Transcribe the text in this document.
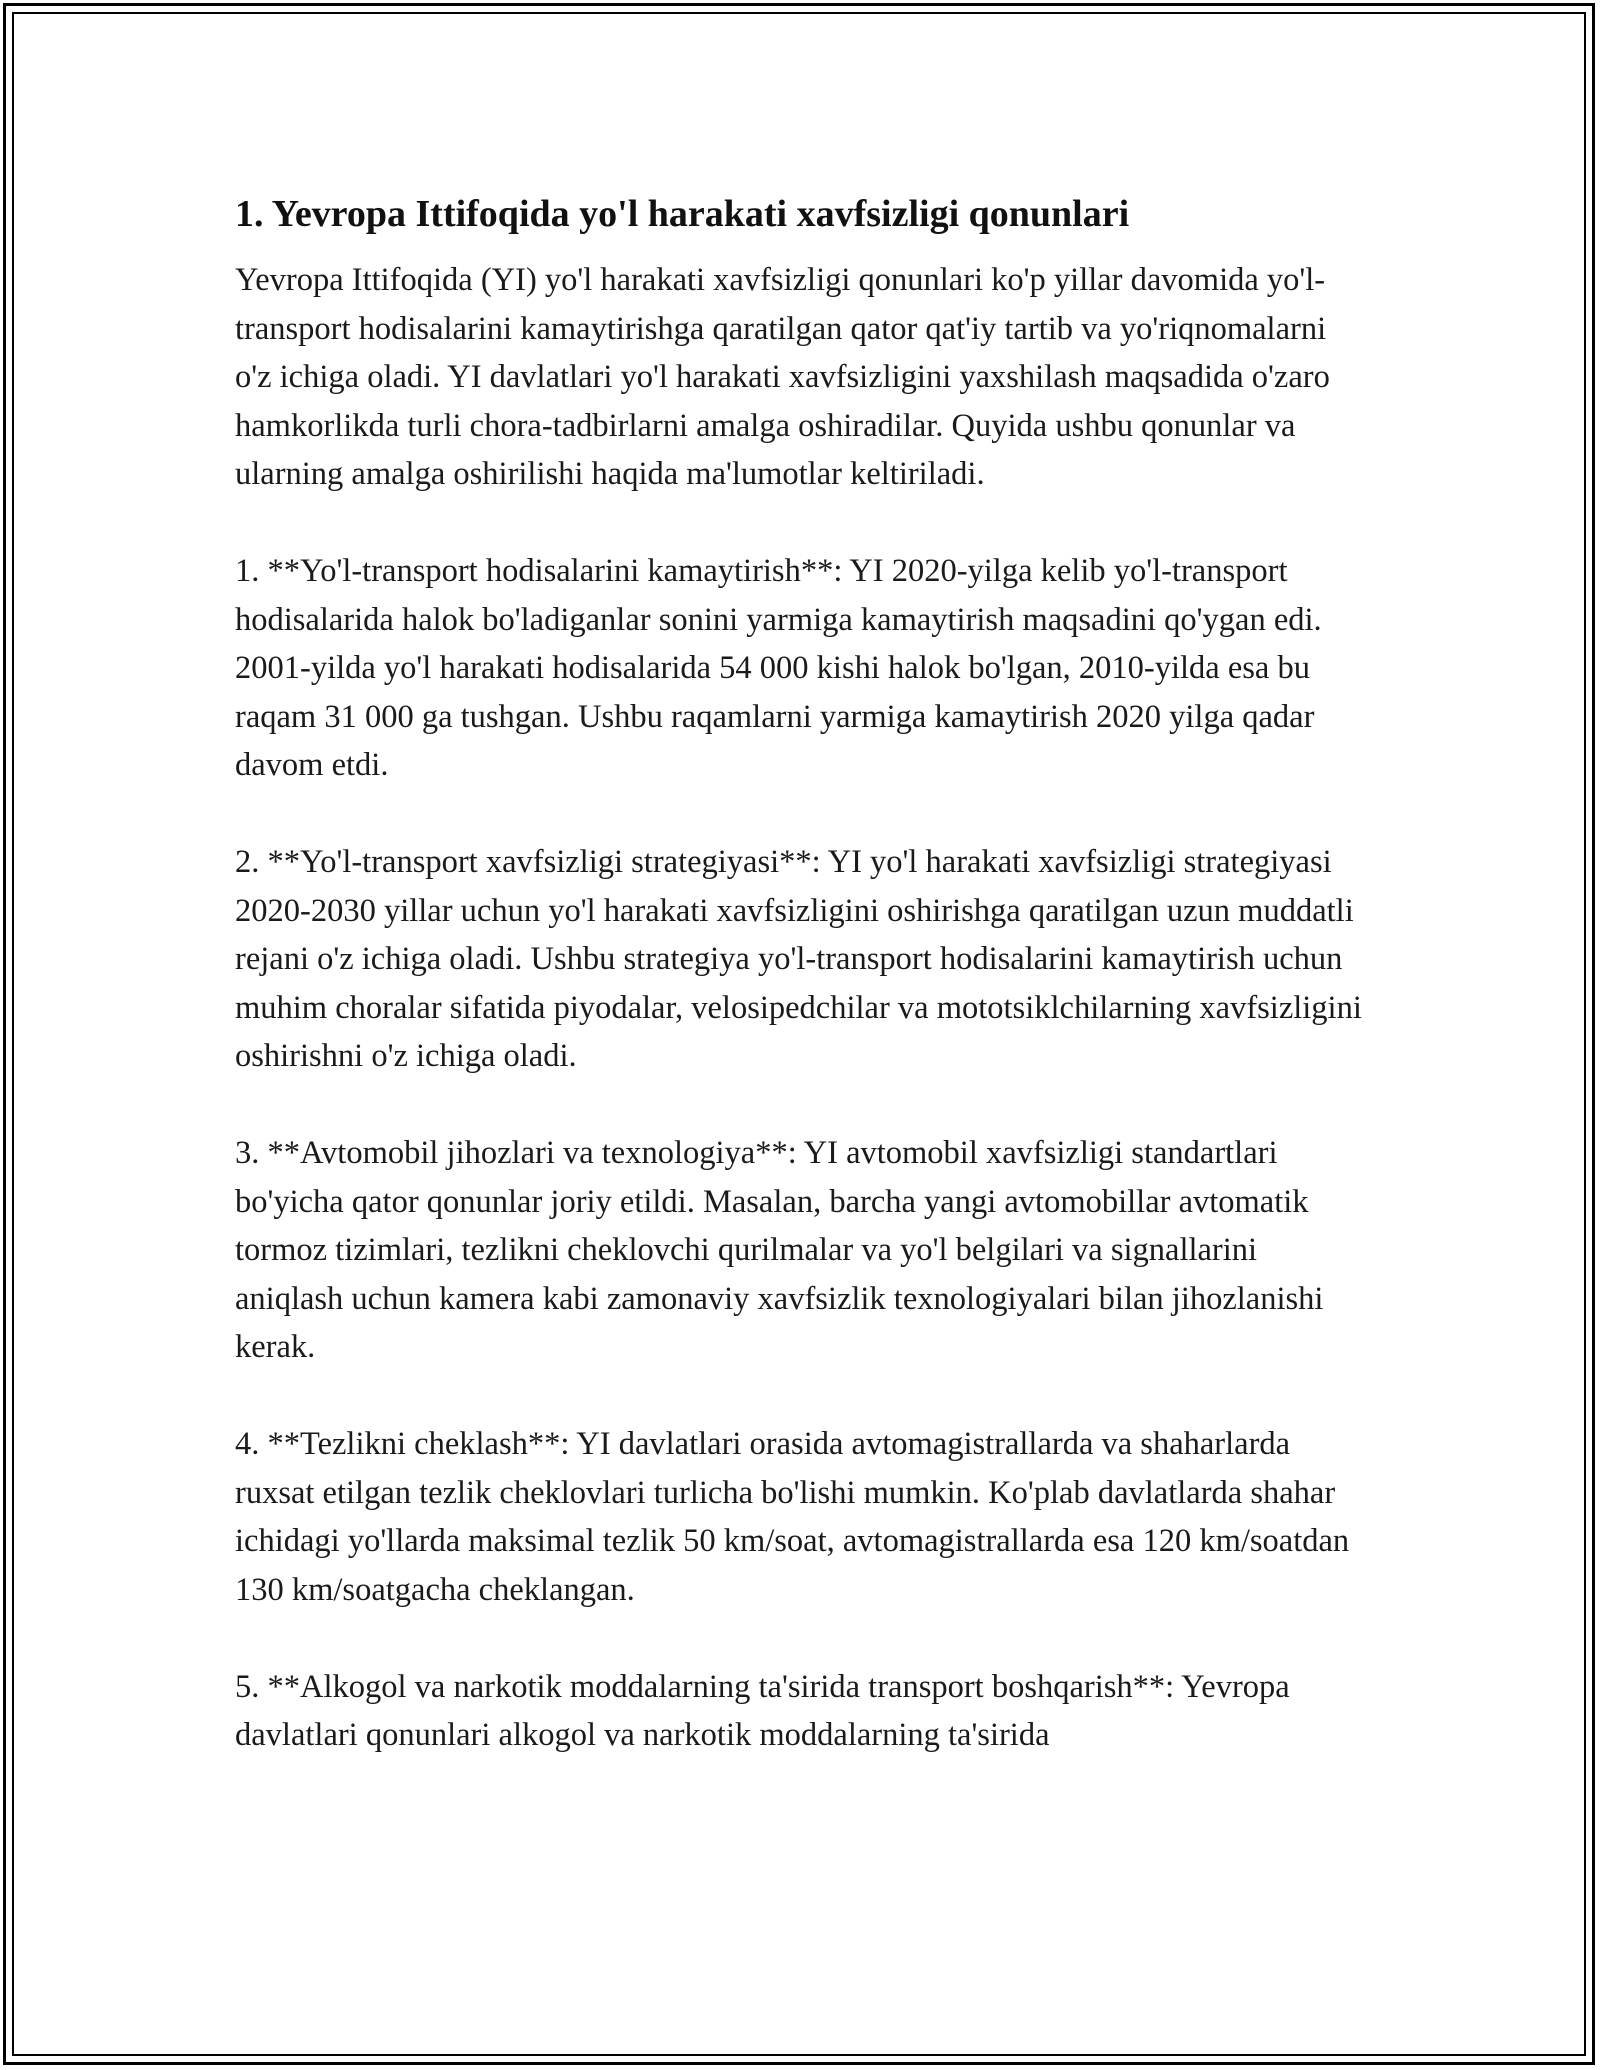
1. Yevropa Ittifoqida yo'l harakati xavfsizligi qonunlari

Yevropa Ittifoqida (YI) yo'l harakati xavfsizligi qonunlari ko'p yillar davomida yo'l-transport hodisalarini kamaytirishga qaratilgan qator qat'iy tartib va yo'riqnomalarni o'z ichiga oladi. YI davlatlari yo'l harakati xavfsizligini yaxshilash maqsadida o'zaro hamkorlikda turli chora-tadbirlarni amalga oshiradilar. Quyida ushbu qonunlar va ularning amalga oshirilishi haqida ma'lumotlar keltiriladi.

1. **Yo'l-transport hodisalarini kamaytirish**: YI 2020-yilga kelib yo'l-transport hodisalarida halok bo'ladiganlar sonini yarmiga kamaytirish maqsadini qo'ygan edi. 2001-yilda yo'l harakati hodisalarida 54 000 kishi halok bo'lgan, 2010-yilda esa bu raqam 31 000 ga tushgan. Ushbu raqamlarni yarmiga kamaytirish 2020 yilga qadar davom etdi.

2. **Yo'l-transport xavfsizligi strategiyasi**: YI yo'l harakati xavfsizligi strategiyasi 2020-2030 yillar uchun yo'l harakati xavfsizligini oshirishga qaratilgan uzun muddatli rejani o'z ichiga oladi. Ushbu strategiya yo'l-transport hodisalarini kamaytirish uchun muhim choralar sifatida piyodalar, velosipedchilar va mototsiklchilarning xavfsizligini oshirishni o'z ichiga oladi.

3. **Avtomobil jihozlari va texnologiya**: YI avtomobil xavfsizligi standartlari bo'yicha qator qonunlar joriy etildi. Masalan, barcha yangi avtomobillar avtomatik tormoz tizimlari, tezlikni cheklovchi qurilmalar va yo'l belgilari va signallarini aniqlash uchun kamera kabi zamonaviy xavfsizlik texnologiyalari bilan jihozlanishi kerak.

4. **Tezlikni cheklash**: YI davlatlari orasida avtomagistrallarda va shaharlarda ruxsat etilgan tezlik cheklovlari turlicha bo'lishi mumkin. Ko'plab davlatlarda shahar ichidagi yo'llarda maksimal tezlik 50 km/soat, avtomagistrallarda esa 120 km/soatdan 130 km/soatgacha cheklangan.

5. **Alkogol va narkotik moddalarning ta'sirida transport boshqarish**: Yevropa davlatlari qonunlari alkogol va narkotik moddalarning ta'sirida
